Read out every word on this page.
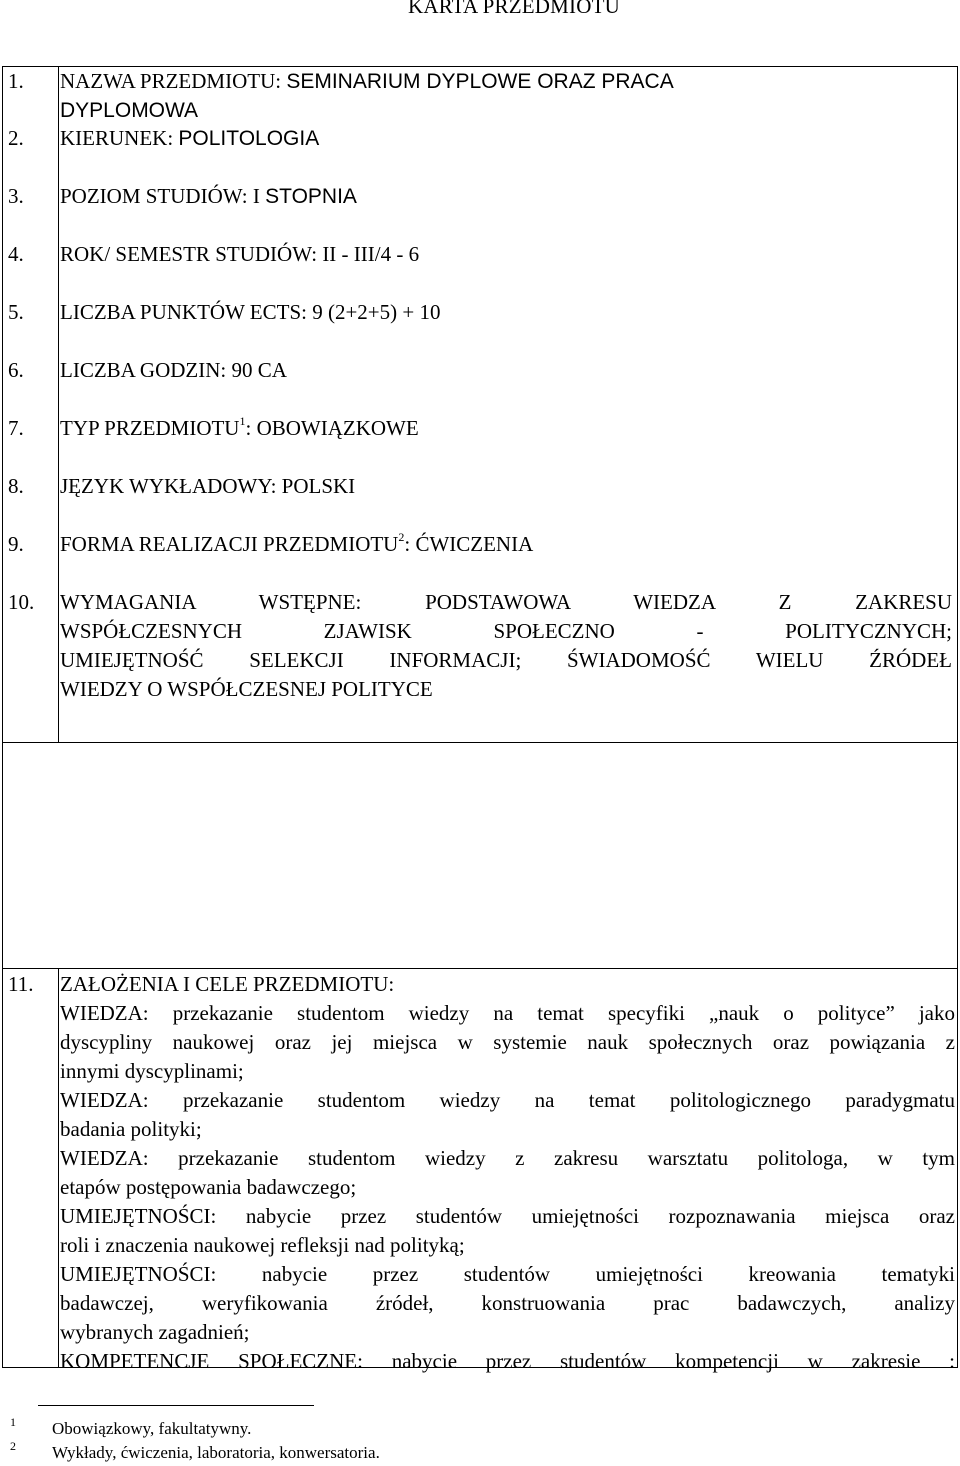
KARTA PRZEDMIOTU
1. NAZWA PRZEDMIOTU: SEMINARIUM DYPLOWE ORAZ PRACA
DYPLOMOWA
2. KIERUNEK: POLITOLOGIA
3. POZIOM STUDIÓW: I STOPNIA
4. ROK/ SEMESTR STUDIÓW: II - III/4 - 6
5. LICZBA PUNKTÓW ECTS: 9 (2+2+5) + 10
6. LICZBA GODZIN: 90 CA
7. TYP PRZEDMIOTU$^1$: OBOWIĄZKOWE
8. JĘZYK WYKŁADOWY: POLSKI
9. FORMA REALIZACJI PRZEDMIOTU$^2$: ĆWICZENIA
10. WYMAGANIA WSTĘPNE: PODSTAWOWA WIEDZA Z ZAKRESU
WSPÓŁCZESNYCH ZJAWISK SPOŁECZNO - POLITYCZNYCH;
UMIEJĘTNOŚĆ SELEKCJI INFORMACJI; ŚWIADOMOŚĆ WIELU ŹRÓDEŁ
WIEDZY O WSPÓŁCZESNEJ POLITYCE
11. ZAŁOŻENIA I CELE PRZEDMIOTU:
WIEDZA: przekazanie studentom wiedzy na temat specyfiki „nauk o polityce” jako
dyscypliny naukowej oraz jej miejsca w systemie nauk społecznych oraz powiązania z
innymi dyscyplinami;
WIEDZA: przekazanie studentom wiedzy na temat politologicznego paradygmatu
badania polityki;
WIEDZA: przekazanie studentom wiedzy z zakresu warsztatu politologa, w tym
etapów postępowania badawczego;
UMIEJĘTNOŚCI: nabycie przez studentów umiejętności rozpoznawania miejsca oraz
roli i znaczenia naukowej refleksji nad polityką;
UMIEJĘTNOŚCI: nabycie przez studentów umiejętności kreowania tematyki
badawczej, weryfikowania źródeł, konstruowania prac badawczych, analizy
wybranych zagadnień;
KOMPETENCJE SPOŁECZNE: nabycie przez studentów kompetencji w zakresie :
1 Obowiązkowy, fakultatywny.
2 Wykłady, ćwiczenia, laboratoria, konwersatoria.
